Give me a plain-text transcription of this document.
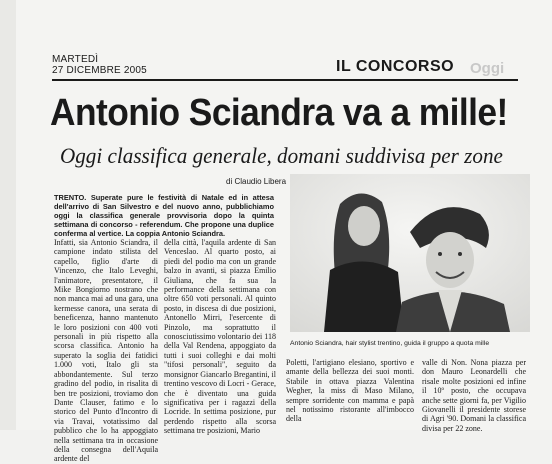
MARTEDÌ
27 DICEMBRE 2005	IL CONCORSO Oggi
Antonio Sciandra va a mille!
Oggi classifica generale, domani suddivisa per zone
di Claudio Libera
TRENTO. Superate pure le festività di Natale ed in attesa dell'arrivo di San Silvestro e del nuovo anno, pubblichiamo oggi la classifica generale provvisoria dopo la quinta settimana di concorso - referendum. Che propone una duplice conferma al vertice. La coppia Antonio Sciandra.
Infatti, sia Antonio Sciandra, il campione indato stilista del capello, figlio d'arte di Vincenzo, che Italo Leveghi, l'animatore, presentatore, il Mike Bongiorno nostrano che non manca mai ad una gara, una kermesse canora, una serata di beneficenza, hanno mantenuto le loro posizioni con 400 voti personali in più rispetto alla scorsa classifica. Antonio ha superato la soglia dei fatidici 1.000 voti, Italo gli sta abbondantemente. Sul terzo gradino del podio, in risalita di ben tre posizioni, troviamo don Dante Clauser, fatimo e lo storico del Punto d'Incontro di via Travai, votatissimo dal pubblico che lo ha appoggiato nella settimana tra in occasione della consegna dell'Aquila ardente del
della città, l'aquila ardente di San Venceslao. Al quarto posto, ai piedi del podio ma con un grande balzo in avanti, si piazza Emilio Giuliana, che fa sua la performance della settimana con oltre 650 voti personali. Al quinto posto, in discesa di due posizioni, Antonello Mirri, l'esercente di Pinzolo, ma soprattutto il conosciutissimo volontario dei 118 della Val Rendena, appoggiato da tutti i suoi colleghi e dai molti "tifosi personali", seguito da monsignor Giancarlo Bregantini, il trentino vescovo di Locri - Gerace, che è diventato una guida significativa per i ragazzi della Locride. In settima posizione, pur perdendo rispetto alla scorsa settimana tre posizioni, Mario
Antonio Sciandra, hair stylist trentino, guida il gruppo a quota mille
Poletti, l'artigiano elesiano, sportivo e amante della bellezza dei suoi monti. Stabile in ottava piazza Valentina Wegher, la miss di Maso Milano, sempre sorridente con mamma e papà nel notissimo ristorante all'imbocco della
valle di Non. Nona piazza per don Mauro Leonardelli che risale molte posizioni ed infine il 10º posto, che occupava anche sette giorni fa, per Vigilio Giovanelli il presidente storese di Agri '90. Domani la classifica divisa per 22 zone.
